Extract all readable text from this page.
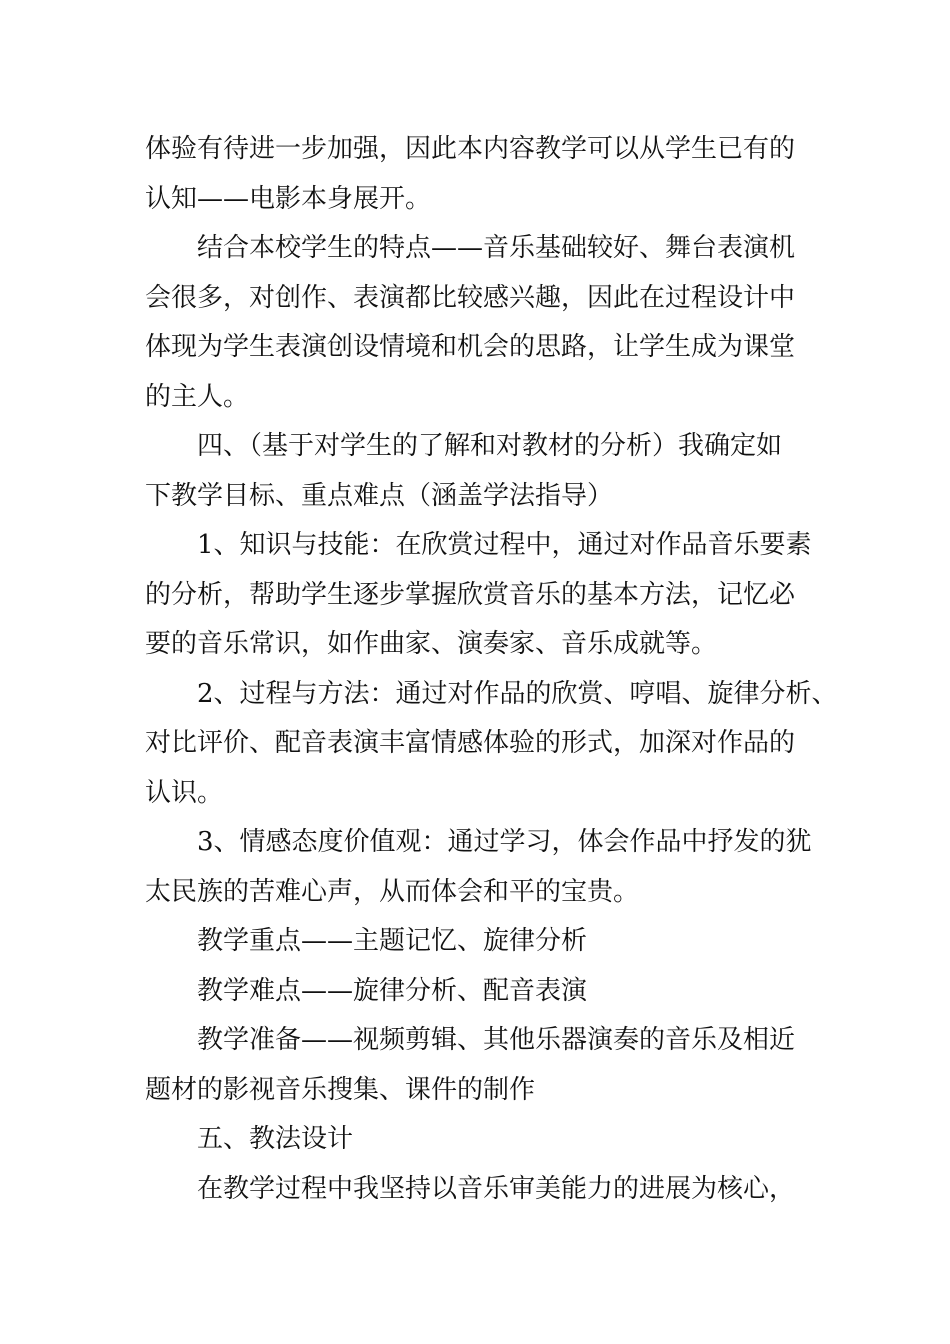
体验有待进一步加强，因此本内容教学可以从学生已有的
认知——电影本身展开。
结合本校学生的特点——音乐基础较好、舞台表演机
会很多，对创作、表演都比较感兴趣，因此在过程设计中
体现为学生表演创设情境和机会的思路，让学生成为课堂
的主人。
四、（基于对学生的了解和对教材的分析）我确定如
下教学目标、重点难点（涵盖学法指导）
1、知识与技能：在欣赏过程中，通过对作品音乐要素
的分析，帮助学生逐步掌握欣赏音乐的基本方法，记忆必
要的音乐常识，如作曲家、演奏家、音乐成就等。
2、过程与方法：通过对作品的欣赏、哼唱、旋律分析、
对比评价、配音表演丰富情感体验的形式，加深对作品的
认识。
3、情感态度价值观：通过学习，体会作品中抒发的犹
太民族的苦难心声，从而体会和平的宝贵。
教学重点——主题记忆、旋律分析
教学难点——旋律分析、配音表演
教学准备——视频剪辑、其他乐器演奏的音乐及相近
题材的影视音乐搜集、课件的制作
五、教法设计
在教学过程中我坚持以音乐审美能力的进展为核心，
